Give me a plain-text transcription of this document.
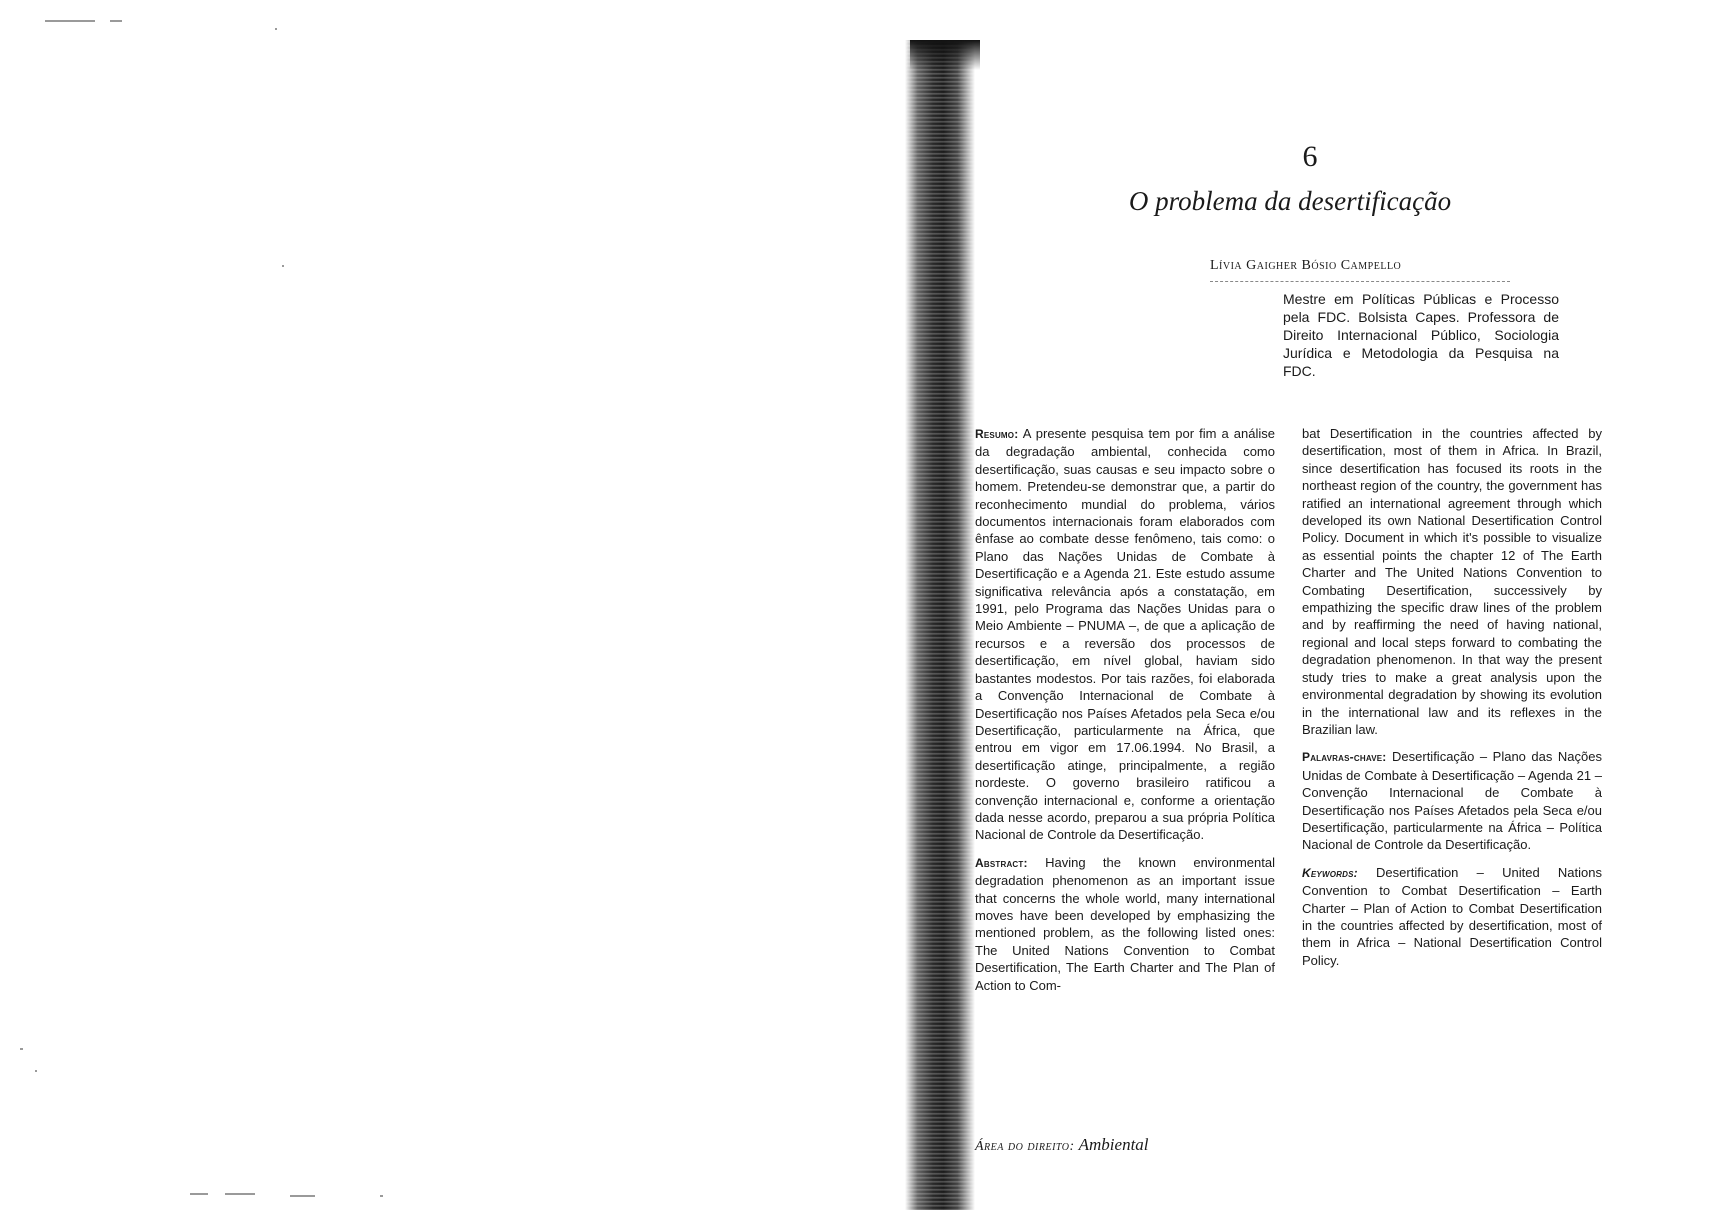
6
O problema da desertificação
Lívia Gaigher Bósio Campello
Mestre em Políticas Públicas e Processo pela FDC. Bolsista Capes. Professora de Direito Internacional Público, Sociologia Jurídica e Metodologia da Pesquisa na FDC.

Resumo: A presente pesquisa tem por fim a análise da degradação ambiental, conhecida como desertificação, suas causas e seu impacto sobre o homem. Pretendeu-se demonstrar que, a partir do reconhecimento mundial do problema, vários documentos internacionais foram elaborados com ênfase ao combate desse fenômeno, tais como: o Plano das Nações Unidas de Combate à Desertificação e a Agenda 21. Este estudo assume significativa relevância após a constatação, em 1991, pelo Programa das Nações Unidas para o Meio Ambiente – PNUMA –, de que a aplicação de recursos e a reversão dos processos de desertificação, em nível global, haviam sido bastantes modestos. Por tais razões, foi elaborada a Convenção Internacional de Combate à Desertificação nos Países Afetados pela Seca e/ou Desertificação, particularmente na África, que entrou em vigor em 17.06.1994. No Brasil, a desertificação atinge, principalmente, a região nordeste. O governo brasileiro ratificou a convenção internacional e, conforme a orientação dada nesse acordo, preparou a sua própria Política Nacional de Controle da Desertificação.

Abstract: Having the known environmental degradation phenomenon as an important issue that concerns the whole world, many international moves have been developed by emphasizing the mentioned problem, as the following listed ones: The United Nations Convention to Combat Desertification, The Earth Charter and The Plan of Action to Com-

bat Desertification in the countries affected by desertification, most of them in Africa. In Brazil, since desertification has focused its roots in the northeast region of the country, the government has ratified an international agreement through which developed its own National Desertification Control Policy. Document in which it's possible to visualize as essential points the chapter 12 of The Earth Charter and The United Nations Convention to Combating Desertification, successively by empathizing the specific draw lines of the problem and by reaffirming the need of having national, regional and local steps forward to combating the degradation phenomenon. In that way the present study tries to make a great analysis upon the environmental degradation by showing its evolution in the international law and its reflexes in the Brazilian law.

Palavras-chave: Desertificação – Plano das Nações Unidas de Combate à Desertificação – Agenda 21 – Convenção Internacional de Combate à Desertificação nos Países Afetados pela Seca e/ou Desertificação, particularmente na África – Política Nacional de Controle da Desertificação.

Keywords: Desertification – United Nations Convention to Combat Desertification – Earth Charter – Plan of Action to Combat Desertification in the countries affected by desertification, most of them in Africa – National Desertification Control Policy.

Área do direito: Ambiental
